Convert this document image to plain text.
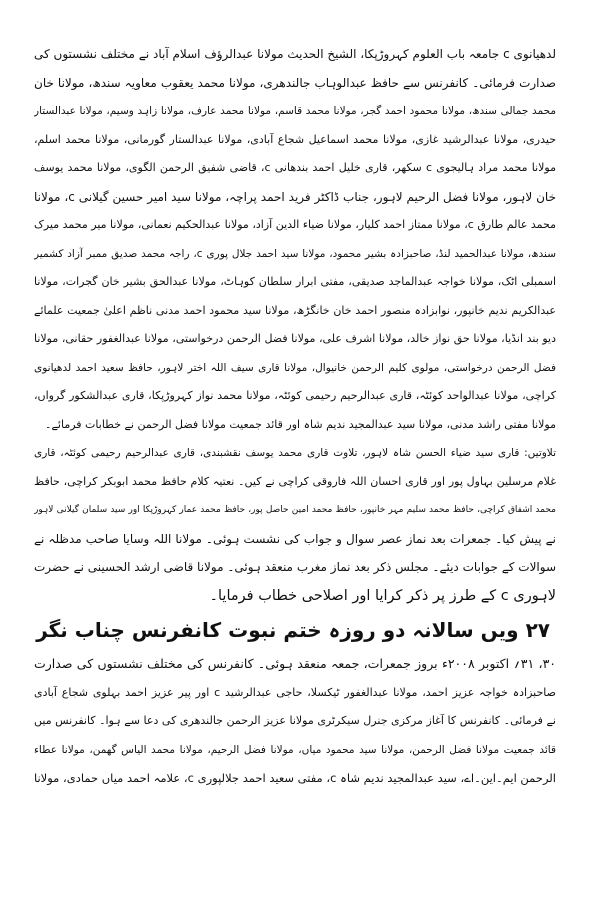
لدھیانوی c جامعہ باب العلوم کہروڑپکا، الشیخ الحدیث مولانا عبدالرؤف اسلام آباد نے مختلف نشستوں کی
صدارت فرمائی۔ کانفرنس سے حافظ عبدالوہاب جالندھری، مولانا محمد یعقوب معاویہ سندھ، مولانا خان
محمد جمالی سندھ، مولانا محمود احمد گجر، مولانا محمد قاسم، مولانا محمد عارف، مولانا زاہد وسیم، مولانا عبدالستار
حیدری، مولانا عبدالرشید غازی، مولانا محمد اسماعیل شجاع آبادی، مولانا عبدالستار گورمانی، مولانا محمد اسلم،
مولانا محمد مراد ہالیجوی c سکھر، قاری خلیل احمد بندھانی c، قاضی شفیق الرحمن الگوی، مولانا محمد یوسف
خان لاہور، مولانا فضل الرحیم لاہور، جناب ڈاکٹر فرید احمد پراچہ، مولانا سید امیر حسین گیلانی c، مولانا
محمد عالم طارق c، مولانا ممتاز احمد کلیار، مولانا ضیاء الدین آزاد، مولانا عبدالحکیم نعمانی، مولانا میر محمد میرک
سندھ، مولانا عبدالحمید لنڈ، صاحبزادہ بشیر محمود، مولانا سید احمد جلال پوری c، راجہ محمد صدیق ممبر آزاد کشمیر
اسمبلی اٹک، مولانا خواجہ عبدالماجد صدیقی، مفتی ابرار سلطان کوہاٹ، مولانا عبدالحق بشیر خان گجرات، مولانا
عبدالکریم ندیم خانپور، نوابزادہ منصور احمد خان خانگڑھ، مولانا سید محمود احمد مدنی ناظم اعلیٰ جمعیت علمائے
دیو بند انڈیا، مولانا حق نواز خالد، مولانا اشرف علی، مولانا فضل الرحمن درخواستی، مولانا عبدالغفور حقانی، مولانا
فضل الرحمن درخواستی، مولوی کلیم الرحمن خانیوال، مولانا قاری سیف اللہ اختر لاہور، حافظ سعید احمد لدھیانوی
کراچی، مولانا عبدالواحد کوئٹہ، قاری عبدالرحیم رحیمی کوئٹہ، مولانا محمد نواز کہروڑپکا، قاری عبدالشکور گرواں،
مولانا مفتی راشد مدنی، مولانا سید عبدالمجید ندیم شاہ اور قائد جمعیت مولانا فضل الرحمن نے خطابات فرمائے۔
تلاوتیں: قاری سید ضیاء الحسن شاہ لاہور، تلاوت قاری محمد یوسف نقشبندی، قاری عبدالرحیم رحیمی کوئٹہ، قاری
غلام مرسلین بہاول پور اور قاری احسان اللہ فاروقی کراچی نے کیں۔ نعتیہ کلام حافظ محمد ابوبکر کراچی، حافظ
محمد اشفاق کراچی، حافظ محمد سلیم مہر خانپور، حافظ محمد امین حاصل پور، حافظ محمد عمار کہروڑپکا اور سید سلمان گیلانی لاہور
نے پیش کیا۔ جمعرات بعد نماز عصر سوال و جواب کی نشست ہوئی۔ مولانا اللہ وسایا صاحب مدظلہ نے
سوالات کے جوابات دیئے۔ مجلس ذکر بعد نماز مغرب منعقد ہوئی۔ مولانا قاضی ارشد الحسینی نے حضرت
لاہوری c کے طرز پر ذکر کرایا اور اصلاحی خطاب فرمایا۔
۲۷ ویں سالانہ دو روزہ ختم نبوت کانفرنس چناب نگر
۳۰، ۳۱؍ اکتوبر ۲۰۰۸ء بروز جمعرات، جمعہ منعقد ہوئی۔ کانفرنس کی مختلف نشستوں کی صدارت
صاحبزادہ خواجہ عزیز احمد، مولانا عبدالغفور ٹیکسلا، حاجی عبدالرشید c اور پیر عزیز احمد بہلوی شجاع آبادی
نے فرمائی۔ کانفرنس کا آغاز مرکزی جنرل سیکرٹری مولانا عزیز الرحمن جالندھری کی دعا سے ہوا۔ کانفرنس میں
قائد جمعیت مولانا فضل الرحمن، مولانا سید محمود میاں، مولانا فضل الرحیم، مولانا محمد الیاس گھمن، مولانا عطاء
الرحمن ایم۔این۔اے، سید عبدالمجید ندیم شاہ c، مفتی سعید احمد جلالپوری c، علامہ احمد میاں حمادی، مولانا
